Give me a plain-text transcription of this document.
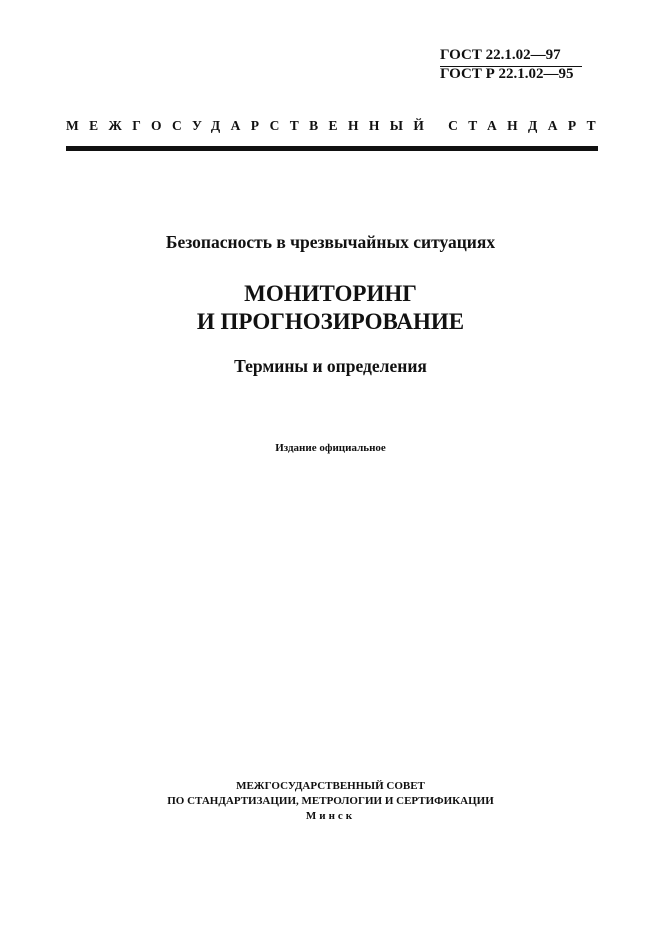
ГОСТ 22.1.02—97
ГОСТ Р 22.1.02—95
МЕЖГОСУДАРСТВЕННЫЙ СТАНДАРТ
Безопасность в чрезвычайных ситуациях
МОНИТОРИНГ
И ПРОГНОЗИРОВАНИЕ
Термины и определения
Издание официальное
МЕЖГОСУДАРСТВЕННЫЙ СОВЕТ
ПО СТАНДАРТИЗАЦИИ, МЕТРОЛОГИИ И СЕРТИФИКАЦИИ
Минск
